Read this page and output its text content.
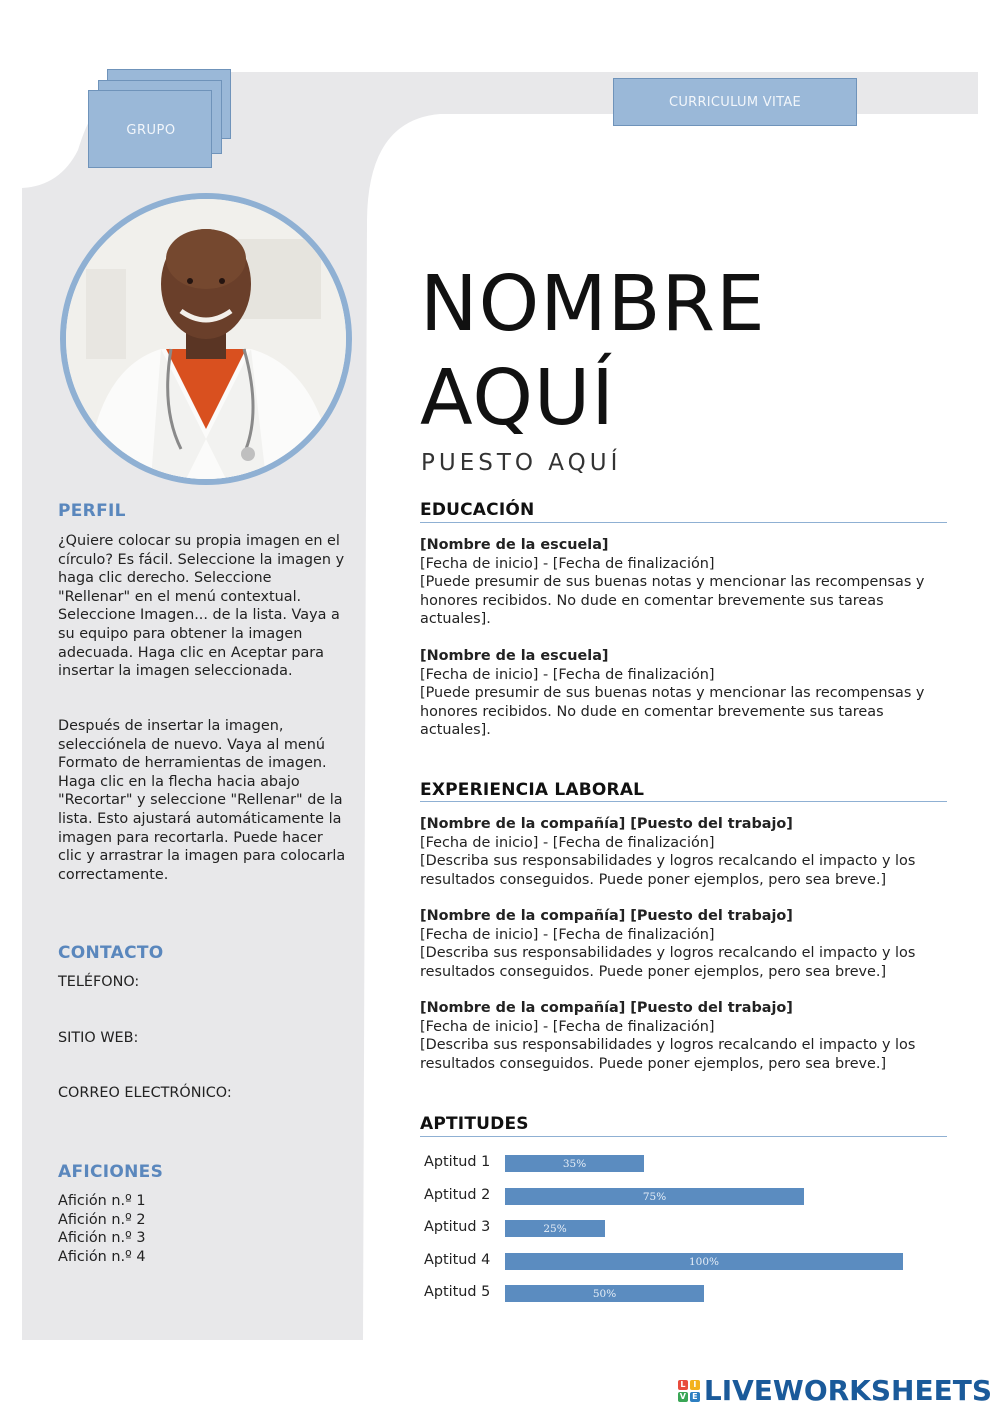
GRUPO
CURRICULUM VITAE
PERFIL
¿Quiere colocar su propia imagen en el círculo? Es fácil. Seleccione la imagen y haga clic derecho. Seleccione "Rellenar" en el menú contextual. Seleccione Imagen... de la lista. Vaya a su equipo para obtener la imagen adecuada. Haga clic en Aceptar para insertar la imagen seleccionada.
Después de insertar la imagen, selecciónela de nuevo. Vaya al menú Formato de herramientas de imagen. Haga clic en la flecha hacia abajo "Recortar" y seleccione "Rellenar" de la lista. Esto ajustará automáticamente la imagen para recortarla. Puede hacer clic y arrastrar la imagen para colocarla correctamente.
CONTACTO
TELÉFONO:
SITIO WEB:
CORREO ELECTRÓNICO:
AFICIONES
Afición n.º 1
Afición n.º 2
Afición n.º 3
Afición n.º 4
NOMBRE
AQUÍ
PUESTO AQUÍ
EDUCACIÓN
[Nombre de la escuela]
[Fecha de inicio] - [Fecha de finalización]
[Puede presumir de sus buenas notas y mencionar las recompensas y honores recibidos. No dude en comentar brevemente sus tareas actuales].
[Nombre de la escuela]
[Fecha de inicio] - [Fecha de finalización]
[Puede presumir de sus buenas notas y mencionar las recompensas y honores recibidos. No dude en comentar brevemente sus tareas actuales].
EXPERIENCIA LABORAL
[Nombre de la compañía] [Puesto del trabajo]
[Fecha de inicio] - [Fecha de finalización]
[Describa sus responsabilidades y logros recalcando el impacto y los resultados conseguidos. Puede poner ejemplos, pero sea breve.]
[Nombre de la compañía] [Puesto del trabajo]
[Fecha de inicio] - [Fecha de finalización]
[Describa sus responsabilidades y logros recalcando el impacto y los resultados conseguidos. Puede poner ejemplos, pero sea breve.]
[Nombre de la compañía] [Puesto del trabajo]
[Fecha de inicio] - [Fecha de finalización]
[Describa sus responsabilidades y logros recalcando el impacto y los resultados conseguidos. Puede poner ejemplos, pero sea breve.]
APTITUDES
Aptitud 1	35%
Aptitud 2	75%
Aptitud 3	25%
Aptitud 4	100%
Aptitud 5	50%
L I
V E LIVEWORKSHEETS
